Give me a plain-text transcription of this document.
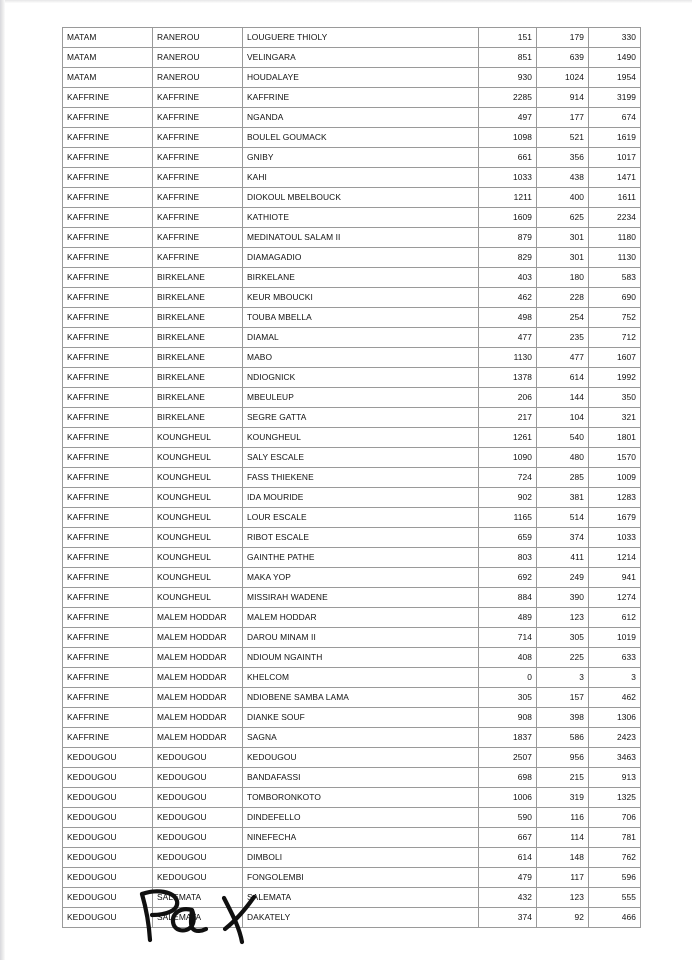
MATAM	RANEROU	LOUGUERE THIOLY	151	179	330
MATAM	RANEROU	VELINGARA	851	639	1490
MATAM	RANEROU	HOUDALAYE	930	1024	1954
KAFFRINE	KAFFRINE	KAFFRINE	2285	914	3199
KAFFRINE	KAFFRINE	NGANDA	497	177	674
KAFFRINE	KAFFRINE	BOULEL GOUMACK	1098	521	1619
KAFFRINE	KAFFRINE	GNIBY	661	356	1017
KAFFRINE	KAFFRINE	KAHI	1033	438	1471
KAFFRINE	KAFFRINE	DIOKOUL MBELBOUCK	1211	400	1611
KAFFRINE	KAFFRINE	KATHIOTE	1609	625	2234
KAFFRINE	KAFFRINE	MEDINATOUL SALAM II	879	301	1180
KAFFRINE	KAFFRINE	DIAMAGADIO	829	301	1130
KAFFRINE	BIRKELANE	BIRKELANE	403	180	583
KAFFRINE	BIRKELANE	KEUR MBOUCKI	462	228	690
KAFFRINE	BIRKELANE	TOUBA MBELLA	498	254	752
KAFFRINE	BIRKELANE	DIAMAL	477	235	712
KAFFRINE	BIRKELANE	MABO	1130	477	1607
KAFFRINE	BIRKELANE	NDIOGNICK	1378	614	1992
KAFFRINE	BIRKELANE	MBEULEUP	206	144	350
KAFFRINE	BIRKELANE	SEGRE GATTA	217	104	321
KAFFRINE	KOUNGHEUL	KOUNGHEUL	1261	540	1801
KAFFRINE	KOUNGHEUL	SALY ESCALE	1090	480	1570
KAFFRINE	KOUNGHEUL	FASS THIEKENE	724	285	1009
KAFFRINE	KOUNGHEUL	IDA MOURIDE	902	381	1283
KAFFRINE	KOUNGHEUL	LOUR ESCALE	1165	514	1679
KAFFRINE	KOUNGHEUL	RIBOT ESCALE	659	374	1033
KAFFRINE	KOUNGHEUL	GAINTHE PATHE	803	411	1214
KAFFRINE	KOUNGHEUL	MAKA YOP	692	249	941
KAFFRINE	KOUNGHEUL	MISSIRAH WADENE	884	390	1274
KAFFRINE	MALEM HODDAR	MALEM HODDAR	489	123	612
KAFFRINE	MALEM HODDAR	DAROU MINAM II	714	305	1019
KAFFRINE	MALEM HODDAR	NDIOUM NGAINTH	408	225	633
KAFFRINE	MALEM HODDAR	KHELCOM	0	3	3
KAFFRINE	MALEM HODDAR	NDIOBENE SAMBA LAMA	305	157	462
KAFFRINE	MALEM HODDAR	DIANKE SOUF	908	398	1306
KAFFRINE	MALEM HODDAR	SAGNA	1837	586	2423
KEDOUGOU	KEDOUGOU	KEDOUGOU	2507	956	3463
KEDOUGOU	KEDOUGOU	BANDAFASSI	698	215	913
KEDOUGOU	KEDOUGOU	TOMBORONKOTO	1006	319	1325
KEDOUGOU	KEDOUGOU	DINDEFELLO	590	116	706
KEDOUGOU	KEDOUGOU	NINEFECHA	667	114	781
KEDOUGOU	KEDOUGOU	DIMBOLI	614	148	762
KEDOUGOU	KEDOUGOU	FONGOLEMBI	479	117	596
KEDOUGOU	SALEMATA	SALEMATA	432	123	555
KEDOUGOU	SALEMATA	DAKATELY	374	92	466
